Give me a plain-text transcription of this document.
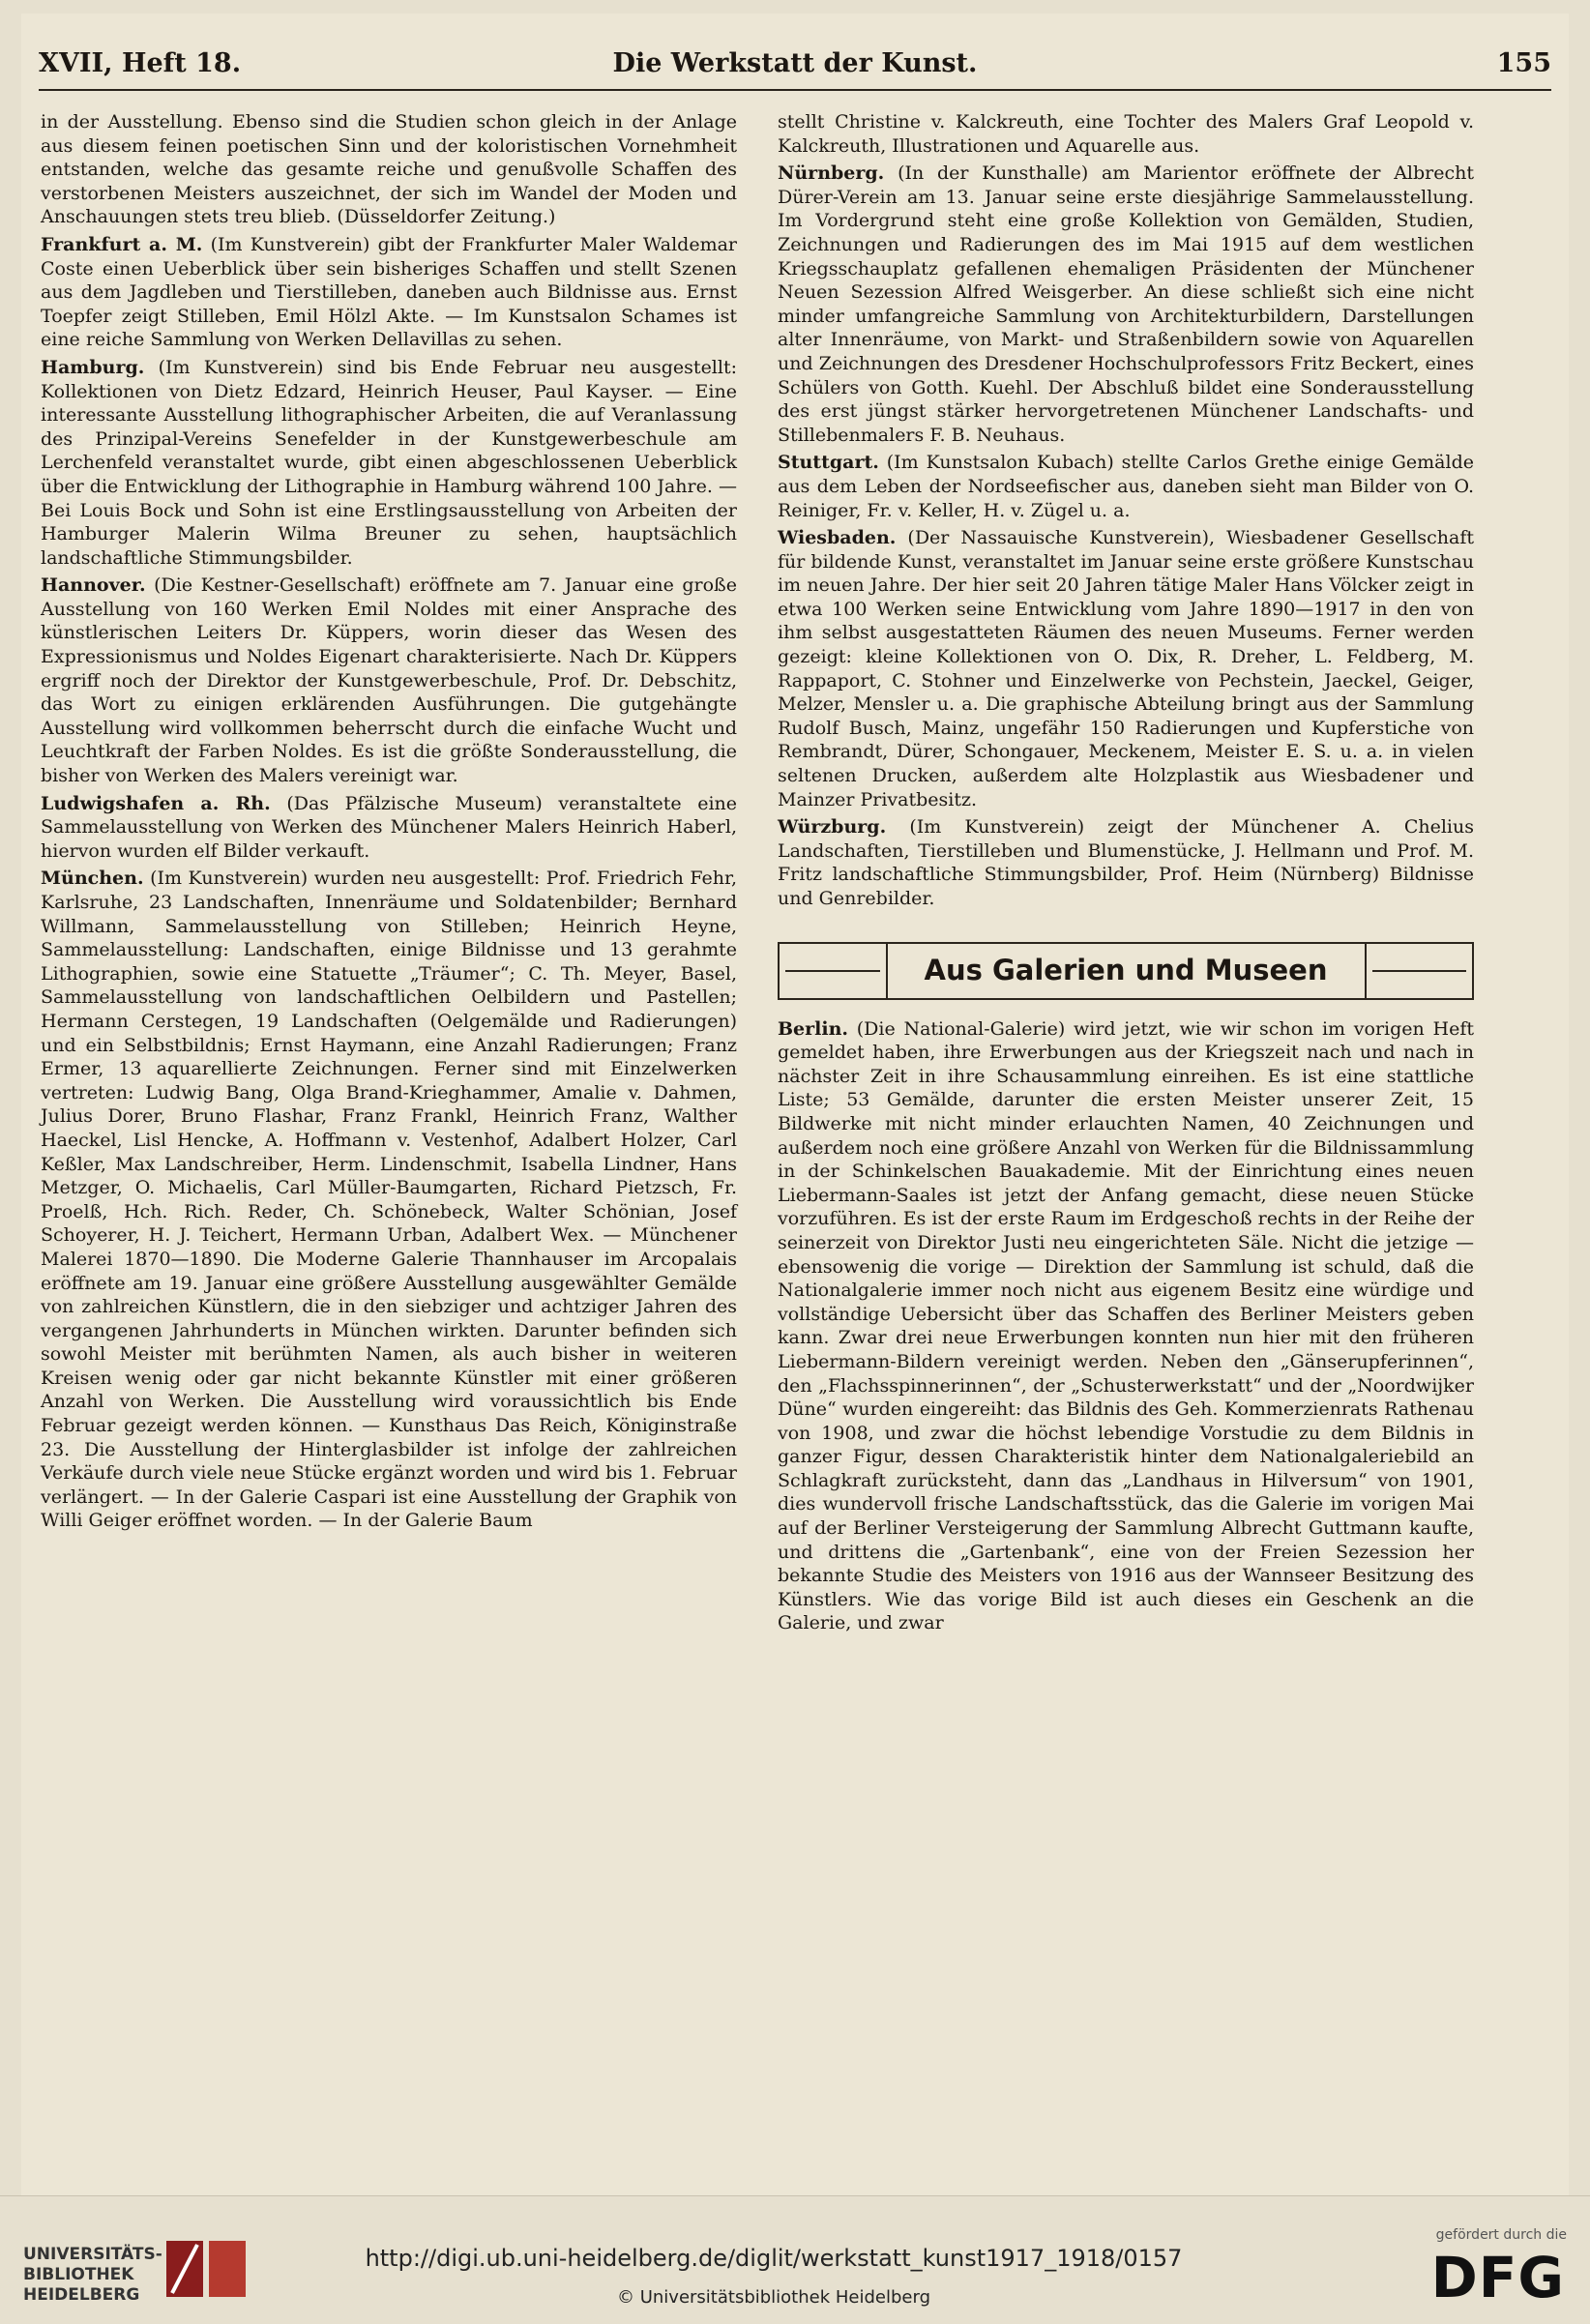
XVII, Heft 18.	Die Werkstatt der Kunst.	155

in der Ausstellung. Ebenso sind die Studien schon gleich in der Anlage aus diesem feinen poetischen Sinn und der koloristischen Vornehmheit entstanden, welche das gesamte reiche und genußvolle Schaffen des verstorbenen Meisters auszeichnet, der sich im Wandel der Moden und Anschauungen stets treu blieb. (Düsseldorfer Zeitung.)

Frankfurt a. M. (Im Kunstverein) gibt der Frankfurter Maler Waldemar Coste einen Ueberblick über sein bisheriges Schaffen und stellt Szenen aus dem Jagdleben und Tierstilleben, daneben auch Bildnisse aus. Ernst Toepfer zeigt Stilleben, Emil Hölzl Akte. — Im Kunstsalon Schames ist eine reiche Sammlung von Werken Dellavillas zu sehen.

Hamburg. (Im Kunstverein) sind bis Ende Februar neu ausgestellt: Kollektionen von Dietz Edzard, Heinrich Heuser, Paul Kayser. — Eine interessante Ausstellung lithographischer Arbeiten, die auf Veranlassung des Prinzipal-Vereins Senefelder in der Kunstgewerbeschule am Lerchenfeld veranstaltet wurde, gibt einen abgeschlossenen Ueberblick über die Entwicklung der Lithographie in Hamburg während 100 Jahre. — Bei Louis Bock und Sohn ist eine Erstlingsausstellung von Arbeiten der Hamburger Malerin Wilma Breuner zu sehen, hauptsächlich landschaftliche Stimmungsbilder.

Hannover. (Die Kestner-Gesellschaft) eröffnete am 7. Januar eine große Ausstellung von 160 Werken Emil Noldes mit einer Ansprache des künstlerischen Leiters Dr. Küppers, worin dieser das Wesen des Expressionismus und Noldes Eigenart charakterisierte. Nach Dr. Küppers ergriff noch der Direktor der Kunstgewerbeschule, Prof. Dr. Debschitz, das Wort zu einigen erklärenden Ausführungen. Die gutgehängte Ausstellung wird vollkommen beherrscht durch die einfache Wucht und Leuchtkraft der Farben Noldes. Es ist die größte Sonderausstellung, die bisher von Werken des Malers vereinigt war.

Ludwigshafen a. Rh. (Das Pfälzische Museum) veranstaltete eine Sammelausstellung von Werken des Münchener Malers Heinrich Haberl, hiervon wurden elf Bilder verkauft.

München. (Im Kunstverein) wurden neu ausgestellt: Prof. Friedrich Fehr, Karlsruhe, 23 Landschaften, Innenräume und Soldatenbilder; Bernhard Willmann, Sammelausstellung von Stilleben; Heinrich Heyne, Sammelausstellung: Landschaften, einige Bildnisse und 13 gerahmte Lithographien, sowie eine Statuette „Träumer“; C. Th. Meyer, Basel, Sammelausstellung von landschaftlichen Oelbildern und Pastellen; Hermann Cerstegen, 19 Landschaften (Oelgemälde und Radierungen) und ein Selbstbildnis; Ernst Haymann, eine Anzahl Radierungen; Franz Ermer, 13 aquarellierte Zeichnungen. Ferner sind mit Einzelwerken vertreten: Ludwig Bang, Olga Brand-Krieghammer, Amalie v. Dahmen, Julius Dorer, Bruno Flashar, Franz Frankl, Heinrich Franz, Walther Haeckel, Lisl Hencke, A. Hoffmann v. Vestenhof, Adalbert Holzer, Carl Keßler, Max Landschreiber, Herm. Lindenschmit, Isabella Lindner, Hans Metzger, O. Michaelis, Carl Müller-Baumgarten, Richard Pietzsch, Fr. Proelß, Hch. Rich. Reder, Ch. Schönebeck, Walter Schönian, Josef Schoyerer, H. J. Teichert, Hermann Urban, Adalbert Wex. — Münchener Malerei 1870—1890. Die Moderne Galerie Thannhauser im Arcopalais eröffnete am 19. Januar eine größere Ausstellung ausgewählter Gemälde von zahlreichen Künstlern, die in den siebziger und achtziger Jahren des vergangenen Jahrhunderts in München wirkten. Darunter befinden sich sowohl Meister mit berühmten Namen, als auch bisher in weiteren Kreisen wenig oder gar nicht bekannte Künstler mit einer größeren Anzahl von Werken. Die Ausstellung wird voraussichtlich bis Ende Februar gezeigt werden können. — Kunsthaus Das Reich, Königinstraße 23. Die Ausstellung der Hinterglasbilder ist infolge der zahlreichen Verkäufe durch viele neue Stücke ergänzt worden und wird bis 1. Februar verlängert. — In der Galerie Caspari ist eine Ausstellung der Graphik von Willi Geiger eröffnet worden. — In der Galerie Baum

stellt Christine v. Kalckreuth, eine Tochter des Malers Graf Leopold v. Kalckreuth, Illustrationen und Aquarelle aus.

Nürnberg. (In der Kunsthalle) am Marientor eröffnete der Albrecht Dürer-Verein am 13. Januar seine erste diesjährige Sammelausstellung. Im Vordergrund steht eine große Kollektion von Gemälden, Studien, Zeichnungen und Radierungen des im Mai 1915 auf dem westlichen Kriegsschauplatz gefallenen ehemaligen Präsidenten der Münchener Neuen Sezession Alfred Weisgerber. An diese schließt sich eine nicht minder umfangreiche Sammlung von Architekturbildern, Darstellungen alter Innenräume, von Markt- und Straßenbildern sowie von Aquarellen und Zeichnungen des Dresdener Hochschulprofessors Fritz Beckert, eines Schülers von Gotth. Kuehl. Der Abschluß bildet eine Sonderausstellung des erst jüngst stärker hervorgetretenen Münchener Landschafts- und Stillebenmalers F. B. Neuhaus.

Stuttgart. (Im Kunstsalon Kubach) stellte Carlos Grethe einige Gemälde aus dem Leben der Nordseefischer aus, daneben sieht man Bilder von O. Reiniger, Fr. v. Keller, H. v. Zügel u. a.

Wiesbaden. (Der Nassauische Kunstverein), Wiesbadener Gesellschaft für bildende Kunst, veranstaltet im Januar seine erste größere Kunstschau im neuen Jahre. Der hier seit 20 Jahren tätige Maler Hans Völcker zeigt in etwa 100 Werken seine Entwicklung vom Jahre 1890—1917 in den von ihm selbst ausgestatteten Räumen des neuen Museums. Ferner werden gezeigt: kleine Kollektionen von O. Dix, R. Dreher, L. Feldberg, M. Rappaport, C. Stohner und Einzelwerke von Pechstein, Jaeckel, Geiger, Melzer, Mensler u. a. Die graphische Abteilung bringt aus der Sammlung Rudolf Busch, Mainz, ungefähr 150 Radierungen und Kupferstiche von Rembrandt, Dürer, Schongauer, Meckenem, Meister E. S. u. a. in vielen seltenen Drucken, außerdem alte Holzplastik aus Wiesbadener und Mainzer Privatbesitz.

Würzburg. (Im Kunstverein) zeigt der Münchener A. Chelius Landschaften, Tierstilleben und Blumenstücke, J. Hellmann und Prof. M. Fritz landschaftliche Stimmungsbilder, Prof. Heim (Nürnberg) Bildnisse und Genrebilder.

Aus Galerien und Museen

Berlin. (Die National-Galerie) wird jetzt, wie wir schon im vorigen Heft gemeldet haben, ihre Erwerbungen aus der Kriegszeit nach und nach in nächster Zeit in ihre Schausammlung einreihen. Es ist eine stattliche Liste; 53 Gemälde, darunter die ersten Meister unserer Zeit, 15 Bildwerke mit nicht minder erlauchten Namen, 40 Zeichnungen und außerdem noch eine größere Anzahl von Werken für die Bildnissammlung in der Schinkelschen Bauakademie. Mit der Einrichtung eines neuen Liebermann-Saales ist jetzt der Anfang gemacht, diese neuen Stücke vorzuführen. Es ist der erste Raum im Erdgeschoß rechts in der Reihe der seinerzeit von Direktor Justi neu eingerichteten Säle. Nicht die jetzige — ebensowenig die vorige — Direktion der Sammlung ist schuld, daß die Nationalgalerie immer noch nicht aus eigenem Besitz eine würdige und vollständige Uebersicht über das Schaffen des Berliner Meisters geben kann. Zwar drei neue Erwerbungen konnten nun hier mit den früheren Liebermann-Bildern vereinigt werden. Neben den „Gänserupferinnen“, den „Flachsspinnerinnen“, der „Schusterwerkstatt“ und der „Noordwijker Düne“ wurden eingereiht: das Bildnis des Geh. Kommerzienrats Rathenau von 1908, und zwar die höchst lebendige Vorstudie zu dem Bildnis in ganzer Figur, dessen Charakteristik hinter dem Nationalgaleriebild an Schlagkraft zurücksteht, dann das „Landhaus in Hilversum“ von 1901, dies wundervoll frische Landschaftsstück, das die Galerie im vorigen Mai auf der Berliner Versteigerung der Sammlung Albrecht Guttmann kaufte, und drittens die „Gartenbank“, eine von der Freien Sezession her bekannte Studie des Meisters von 1916 aus der Wannseer Besitzung des Künstlers. Wie das vorige Bild ist auch dieses ein Geschenk an die Galerie, und zwar

UNIVERSITÄTS-
BIBLIOTHEK
HEIDELBERG
http://digi.ub.uni-heidelberg.de/diglit/werkstatt_kunst1917_1918/0157
© Universitätsbibliothek Heidelberg
gefördert durch die
DFG
